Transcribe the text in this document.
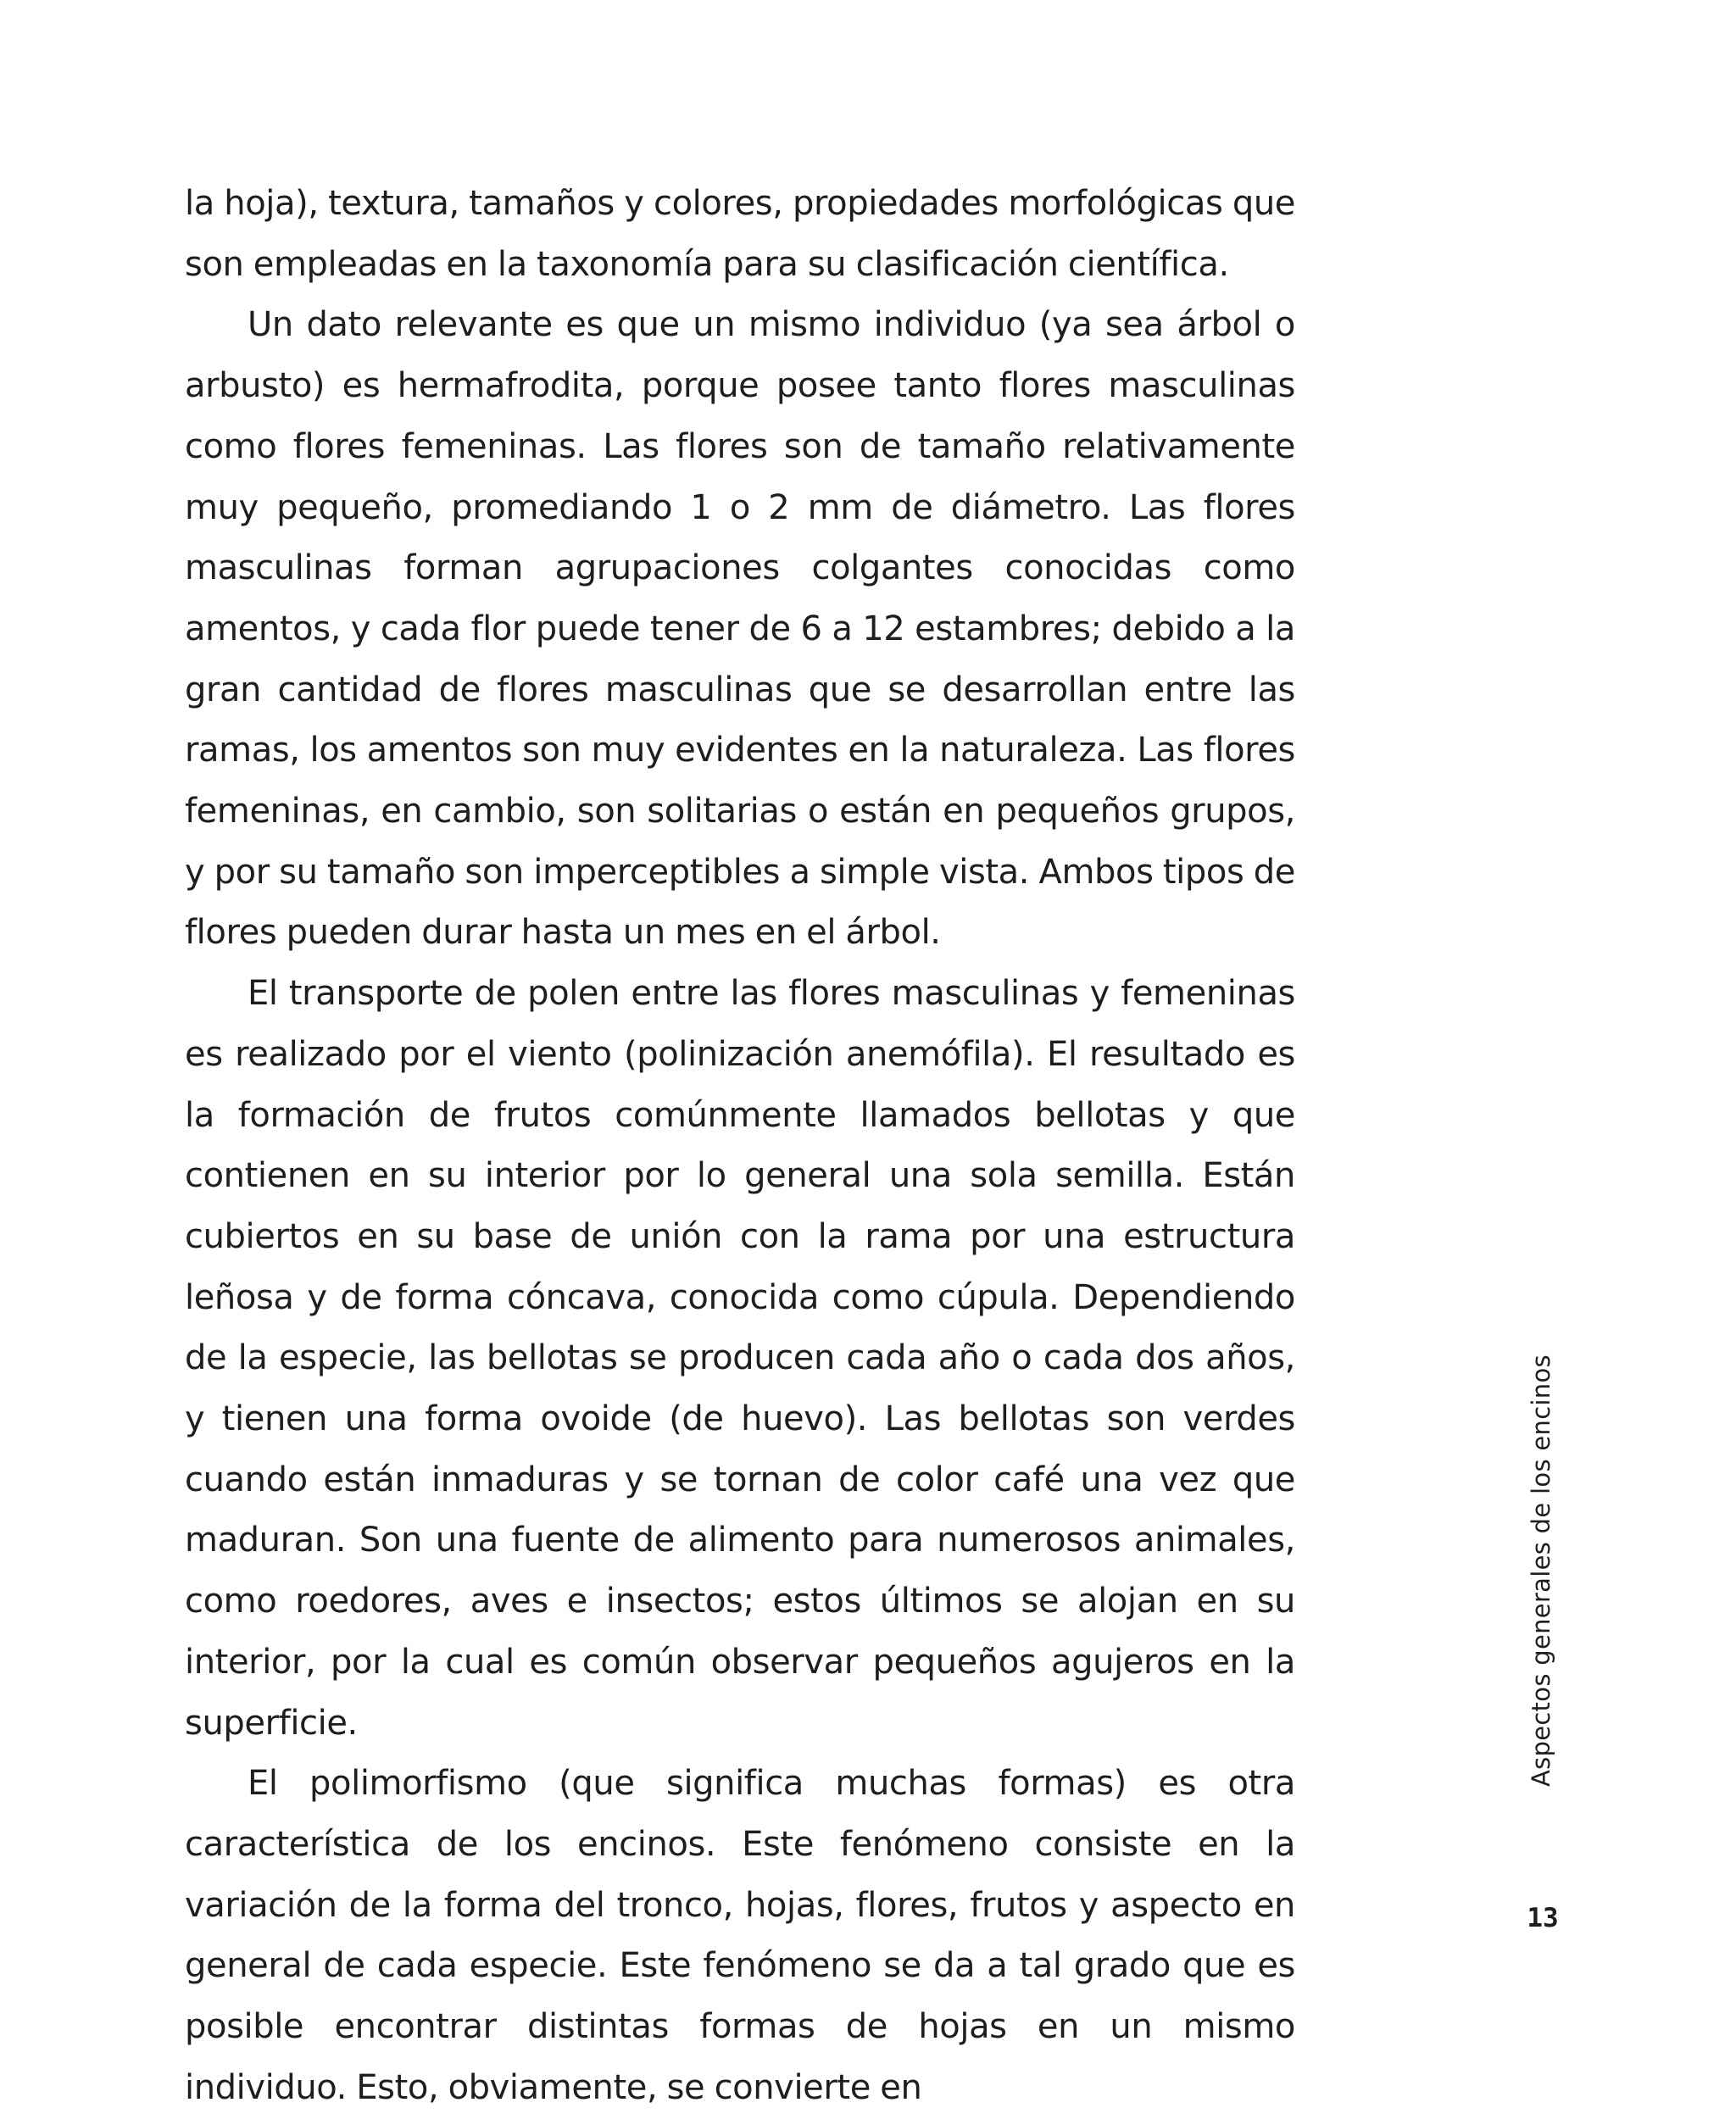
la hoja), textura, tamaños y colores, propiedades morfológicas que son empleadas en la taxonomía para su clasificación científica.

Un dato relevante es que un mismo individuo (ya sea árbol o arbusto) es hermafrodita, porque posee tanto flores masculinas como flores femeninas. Las flores son de tamaño relativamente muy pequeño, promediando 1 o 2 mm de diámetro. Las flores masculinas forman agrupaciones colgantes conocidas como amentos, y cada flor puede tener de 6 a 12 estambres; debido a la gran cantidad de flores masculinas que se desarrollan entre las ramas, los amentos son muy evidentes en la naturaleza. Las flores femeninas, en cambio, son solitarias o están en pequeños grupos, y por su tamaño son imperceptibles a simple vista. Ambos tipos de flores pueden durar hasta un mes en el árbol.

El transporte de polen entre las flores masculinas y femeninas es realizado por el viento (polinización anemófila). El resultado es la formación de frutos comúnmente llamados bellotas y que contienen en su interior por lo general una sola semilla. Están cubiertos en su base de unión con la rama por una estructura leñosa y de forma cóncava, conocida como cúpula. Dependiendo de la especie, las bellotas se producen cada año o cada dos años, y tienen una forma ovoide (de huevo). Las bellotas son verdes cuando están inmaduras y se tornan de color café una vez que maduran. Son una fuente de alimento para numerosos animales, como roedores, aves e insectos; estos últimos se alojan en su interior, por la cual es común observar pequeños agujeros en la superficie.

El polimorfismo (que significa muchas formas) es otra característica de los encinos. Este fenómeno consiste en la variación de la forma del tronco, hojas, flores, frutos y aspecto en general de cada especie. Este fenómeno se da a tal grado que es posible encontrar distintas formas de hojas en un mismo individuo. Esto, obviamente, se convierte en

Aspectos generales de los encinos
13
